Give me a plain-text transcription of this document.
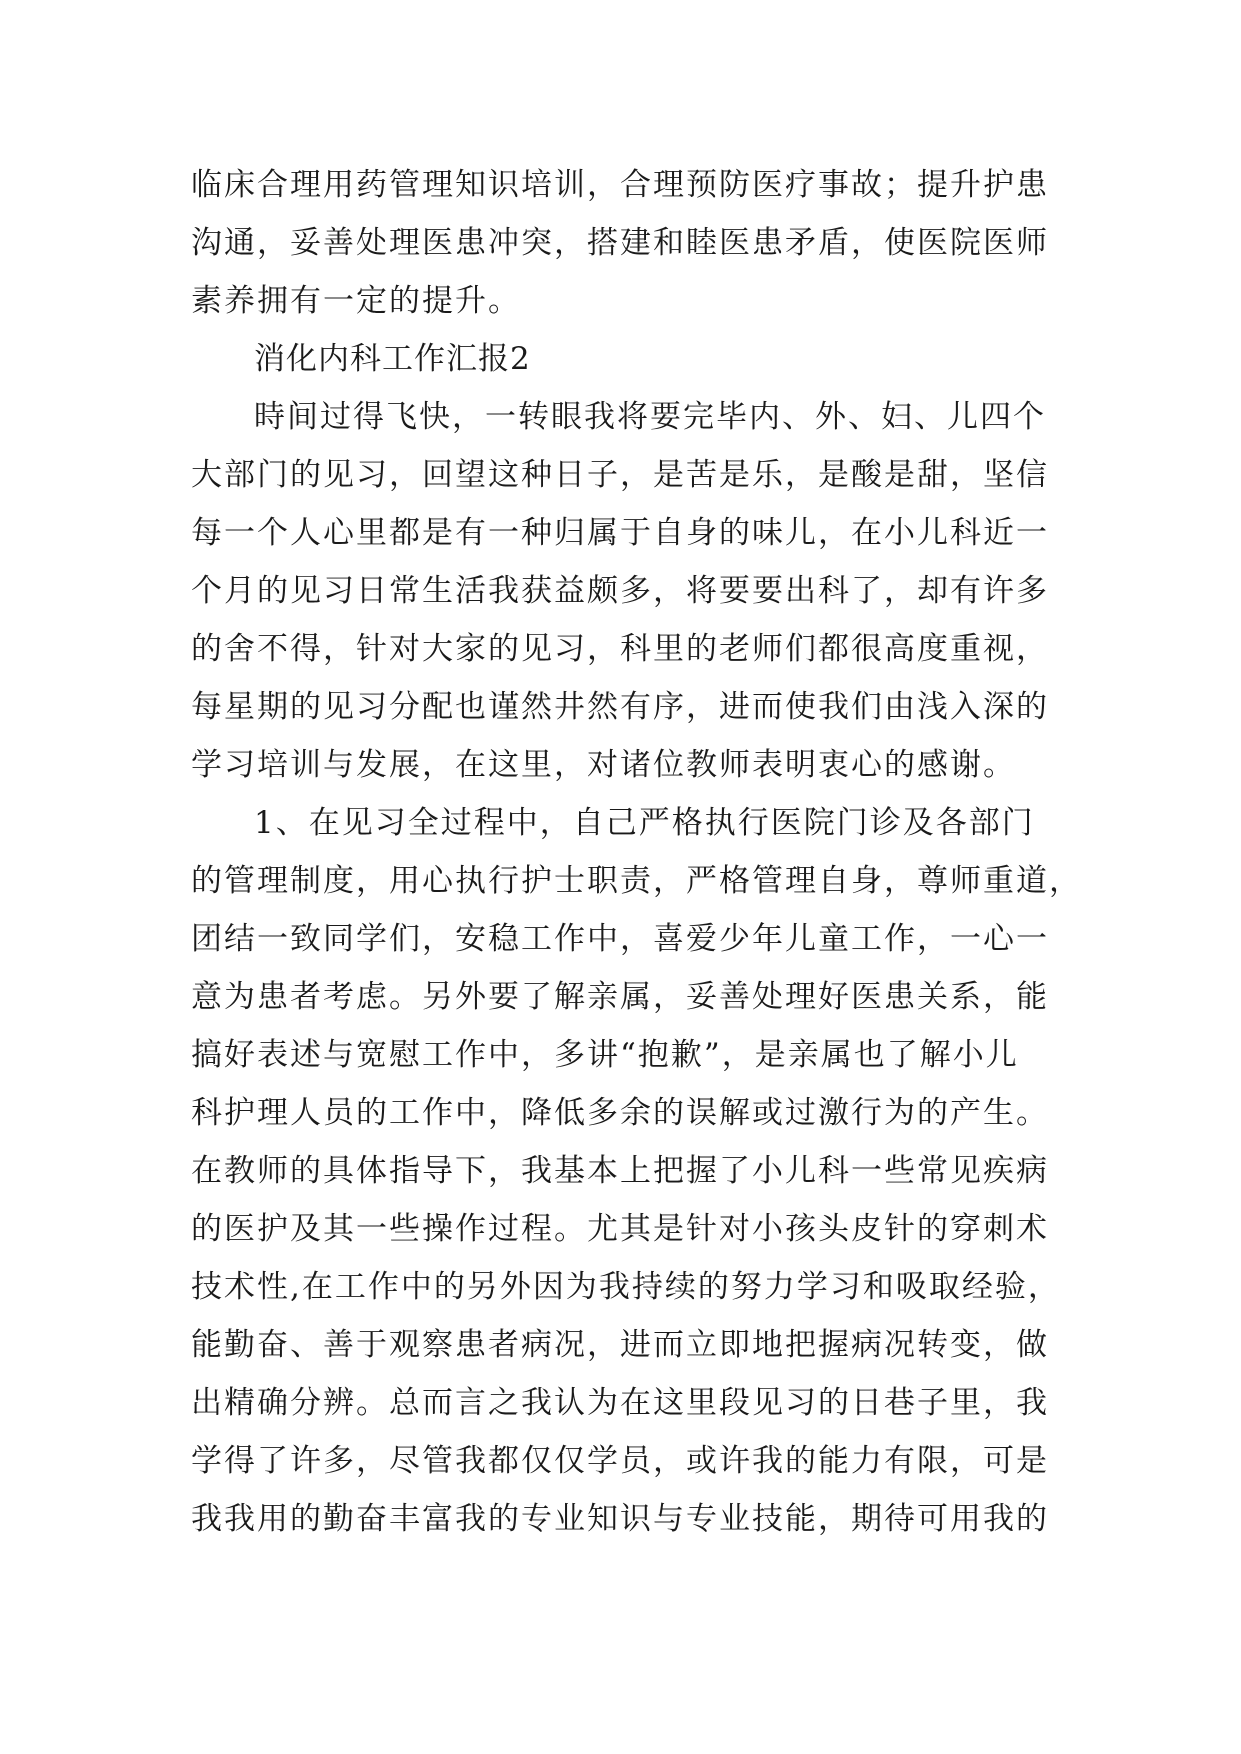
临床合理用药管理知识培训，合理预防医疗事故；提升护患
沟通，妥善处理医患冲突，搭建和睦医患矛盾，使医院医师
素养拥有一定的提升。
消化内科工作汇报2
時间过得飞快，一转眼我将要完毕内、外、妇、儿四个
大部门的见习，回望这种日子，是苦是乐，是酸是甜，坚信
每一个人心里都是有一种归属于自身的味儿，在小儿科近一
个月的见习日常生活我获益颇多，将要要出科了，却有许多
的舍不得，针对大家的见习，科里的老师们都很高度重视，
每星期的见习分配也谨然井然有序，进而使我们由浅入深的
学习培训与发展，在这里，对诸位教师表明衷心的感谢。
1、在见习全过程中，自己严格执行医院门诊及各部门
的管理制度，用心执行护士职责，严格管理自身，尊师重道，
团结一致同学们，安稳工作中，喜爱少年儿童工作，一心一
意为患者考虑。另外要了解亲属，妥善处理好医患关系，能
搞好表述与宽慰工作中，多讲“抱歉”，是亲属也了解小儿
科护理人员的工作中，降低多余的误解或过激行为的产生。
在教师的具体指导下，我基本上把握了小儿科一些常见疾病
的医护及其一些操作过程。尤其是针对小孩头皮针的穿刺术
技术性,在工作中的另外因为我持续的努力学习和吸取经验，
能勤奋、善于观察患者病况，进而立即地把握病况转变，做
出精确分辨。总而言之我认为在这里段见习的日巷子里，我
学得了许多，尽管我都仅仅学员，或许我的能力有限，可是
我我用的勤奋丰富我的专业知识与专业技能，期待可用我的
